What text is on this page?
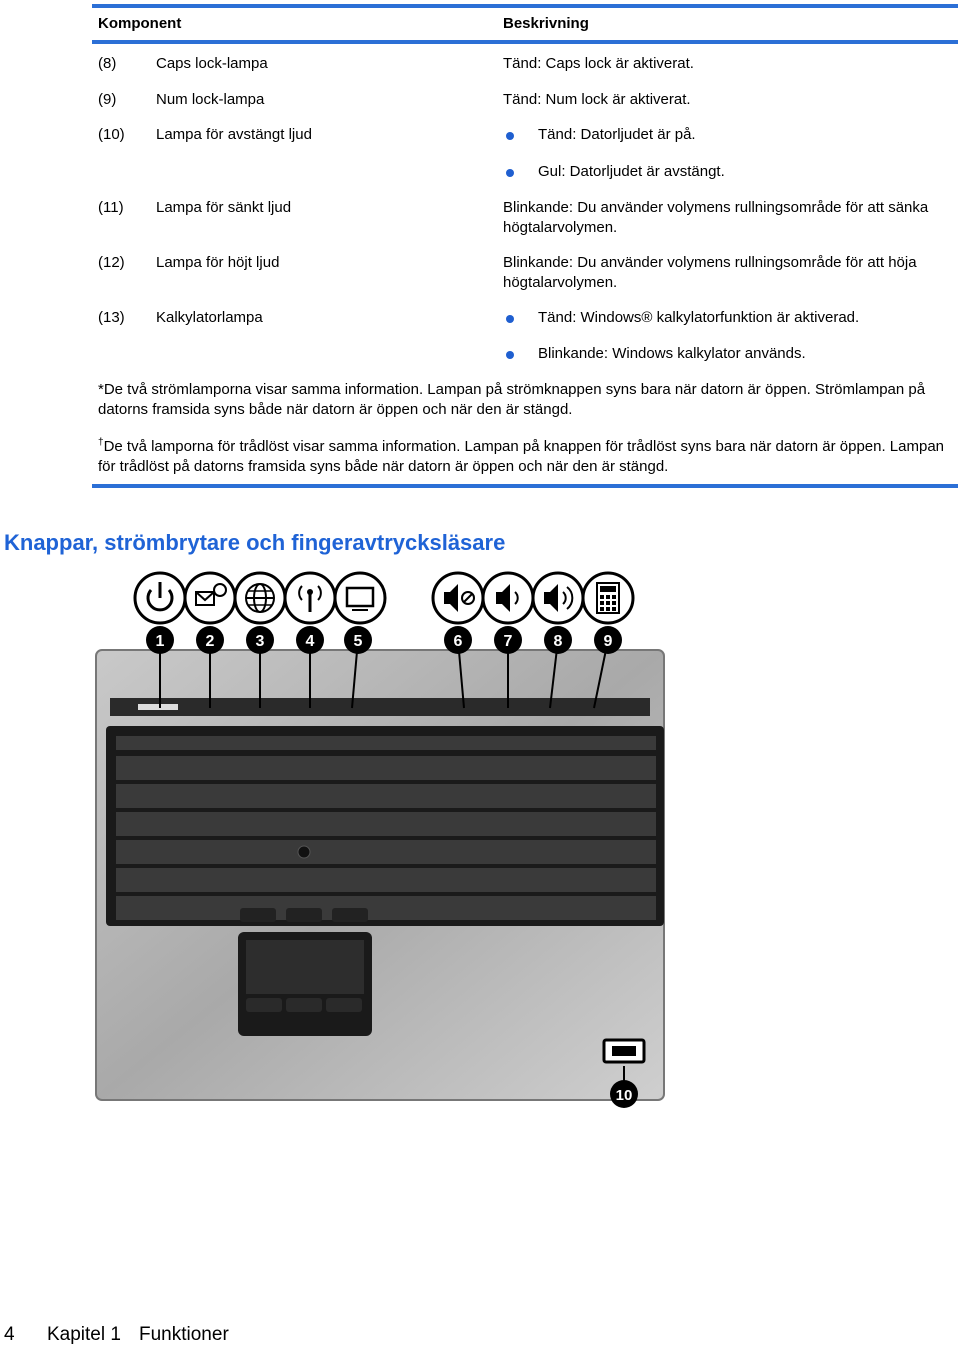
Komponent	Beskrivning
(8)	Caps lock-lampa	Tänd: Caps lock är aktiverat.
(9)	Num lock-lampa	Tänd: Num lock är aktiverat.
(10) Lampa för avstängt ljud	Tänd: Datorljudet är på.
Gul: Datorljudet är avstängt.
(11) Lampa för sänkt ljud	Blinkande: Du använder volymens rullningsområde för att sänka
högtalarvolymen.
(12) Lampa för höjt ljud	Blinkande: Du använder volymens rullningsområde för att höja
högtalarvolymen.
(13) Kalkylatorlampa	Tänd: Windows® kalkylatorfunktion är aktiverad.
Blinkande: Windows kalkylator används.
*De två strömlamporna visar samma information. Lampan på strömknappen syns bara när datorn är öppen. Strömlampan på
datorns framsida syns både när datorn är öppen och när den är stängd.
†De två lamporna för trådlöst visar samma information. Lampan på knappen för trådlöst syns bara när datorn är öppen. Lampan
för trådlöst på datorns framsida syns både när datorn är öppen och när den är stängd.
Knappar, strömbrytare och fingeravtrycksläsare
1	2	3	4 5	6	7	8	9
10
4 Kapitel 1 Funktioner
